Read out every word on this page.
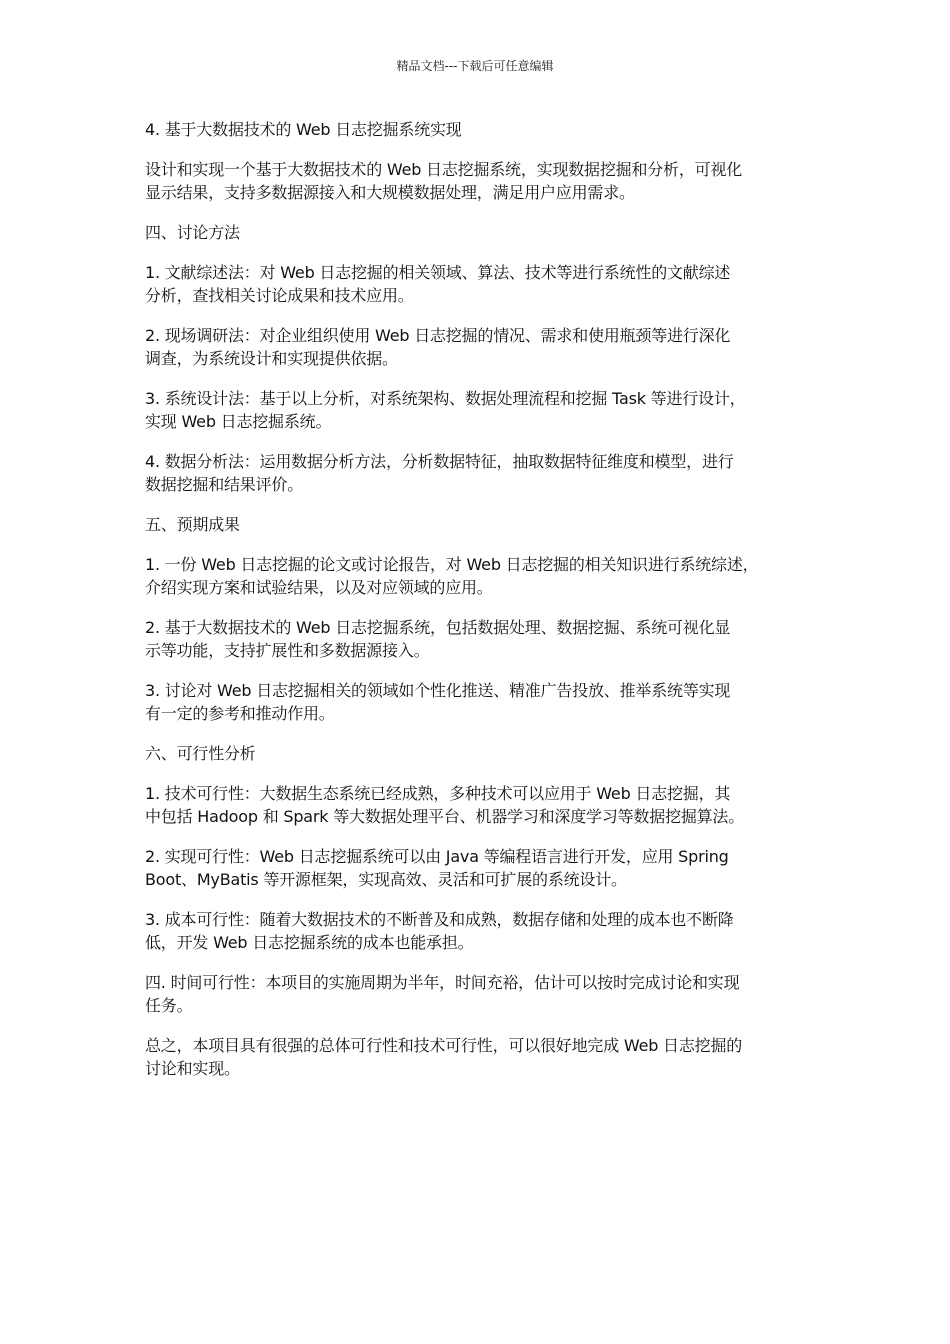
精品文档---下载后可任意编辑
4. 基于大数据技术的 Web 日志挖掘系统实现
设计和实现一个基于大数据技术的 Web 日志挖掘系统，实现数据挖掘和分析，可视化
显示结果，支持多数据源接入和大规模数据处理，满足用户应用需求。
四、讨论方法
1. 文献综述法：对 Web 日志挖掘的相关领域、算法、技术等进行系统性的文献综述
分析，查找相关讨论成果和技术应用。
2. 现场调研法：对企业组织使用 Web 日志挖掘的情况、需求和使用瓶颈等进行深化
调查，为系统设计和实现提供依据。
3. 系统设计法：基于以上分析，对系统架构、数据处理流程和挖掘 Task 等进行设计，
实现 Web 日志挖掘系统。
4. 数据分析法：运用数据分析方法，分析数据特征，抽取数据特征维度和模型，进行
数据挖掘和结果评价。
五、预期成果
1. 一份 Web 日志挖掘的论文或讨论报告，对 Web 日志挖掘的相关知识进行系统综述，
介绍实现方案和试验结果，以及对应领域的应用。
2. 基于大数据技术的 Web 日志挖掘系统，包括数据处理、数据挖掘、系统可视化显
示等功能，支持扩展性和多数据源接入。
3. 讨论对 Web 日志挖掘相关的领域如个性化推送、精准广告投放、推举系统等实现
有一定的参考和推动作用。
六、可行性分析
1. 技术可行性：大数据生态系统已经成熟，多种技术可以应用于 Web 日志挖掘，其
中包括 Hadoop 和 Spark 等大数据处理平台、机器学习和深度学习等数据挖掘算法。
2. 实现可行性：Web 日志挖掘系统可以由 Java 等编程语言进行开发，应用 Spring
Boot、MyBatis 等开源框架，实现高效、灵活和可扩展的系统设计。
3. 成本可行性：随着大数据技术的不断普及和成熟，数据存储和处理的成本也不断降
低，开发 Web 日志挖掘系统的成本也能承担。
四. 时间可行性：本项目的实施周期为半年，时间充裕，估计可以按时完成讨论和实现
任务。
总之，本项目具有很强的总体可行性和技术可行性，可以很好地完成 Web 日志挖掘的
讨论和实现。
